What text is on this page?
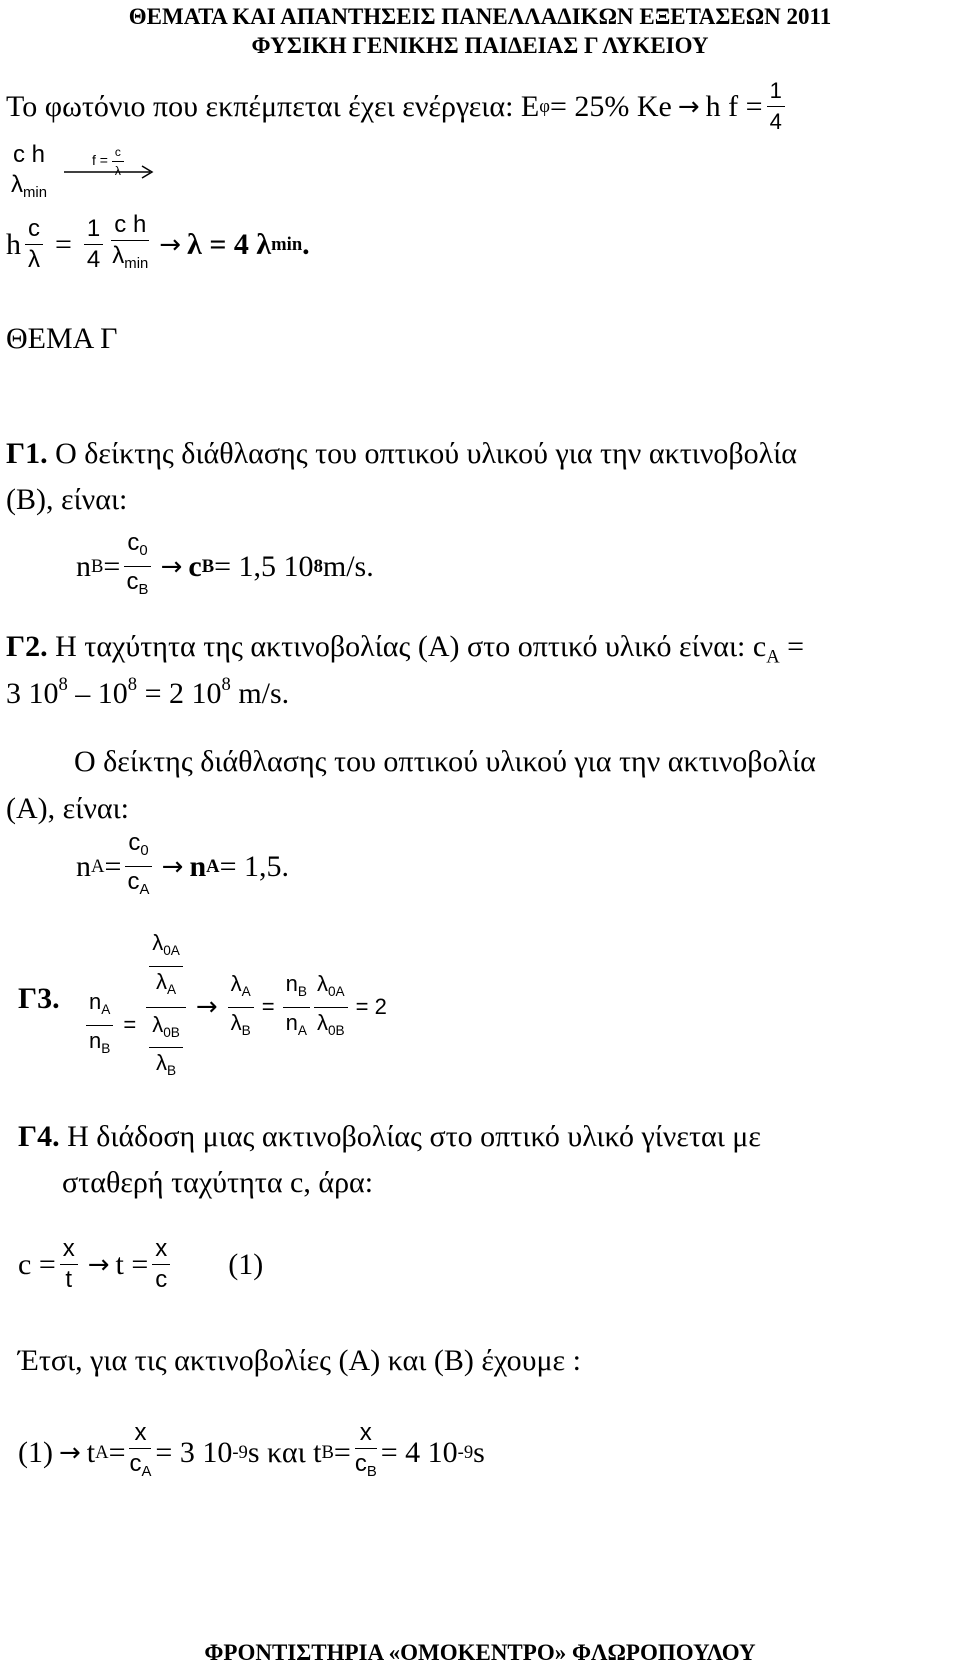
ΘΕΜΑΤΑ ΚΑΙ ΑΠΑΝΤΗΣΕΙΣ ΠΑΝΕΛΛΑΔΙΚΩΝ ΕΞΕΤΑΣΕΩΝ 2011
ΦΥΣΙΚΗ ΓΕΝΙΚΗΣ ΠΑΙΔΕΙΑΣ Γ ΛΥΚΕΙΟΥ
Το φωτόνιο που εκπέμπεται έχει ενέργεια: Ε φ = 25% Κe → h $f = \frac{1}{4}$
c h
$\lambda_{min}$
$f = \frac{c}{\lambda}$
h $\frac{c}{\lambda} = \frac{1}{4} \frac{\text{c h}}{\lambda_{min}} \to \lambda = 4$ λ min .
ΘΕΜΑ Γ
Γ1. Ο δείκτης διάθλασης του οπτικού υλικού για την ακτινοβολία
(Β), είναι:
n $B = \frac{c_0}{c_B} \to c$ B = 1,5 10 8 m/s.
Γ2. Η ταχύτητα της ακτινοβολίας (Α) στο οπτικό υλικό είναι: $c_A$ =
3 $10^8 - 10^8 = 2$ $10^8$ m/s.
Ο δείκτης διάθλασης του οπτικού υλικού για την ακτινοβολία
(Α), είναι:
n $A = \frac{c_0}{c_A} \to n$ A = 1,5.
Γ3. $\frac{n_A}{n_B} = \frac{\frac{\lambda_{0A}}{\lambda_A}}{\frac{\lambda_{0B}}{\lambda_B}} \to \frac{\lambda_A}{\lambda_B} = \frac{n_B}{n_A} \frac{\lambda_{0A}}{\lambda_{0B}} = 2$
Γ4. Η διάδοση μιας ακτινοβολίας στο οπτικό υλικό γίνεται με
σταθερή ταχύτητα c, άρα:
$c = \frac{x}{t} \to t = \frac{x}{c} (1)$
Έτσι, για τις ακτινοβολίες (Α) και (Β) έχουμε :
(1) → t $A = \frac{x}{c_A} = 3$ 10 -9 s και t $B = \frac{x}{c_B} = 4$ 10 -9 s
ΦΡΟΝΤΙΣΤΗΡΙΑ «ΟΜΟΚΕΝΤΡΟ» ΦΛΩΡΟΠΟΥΛΟΥ
